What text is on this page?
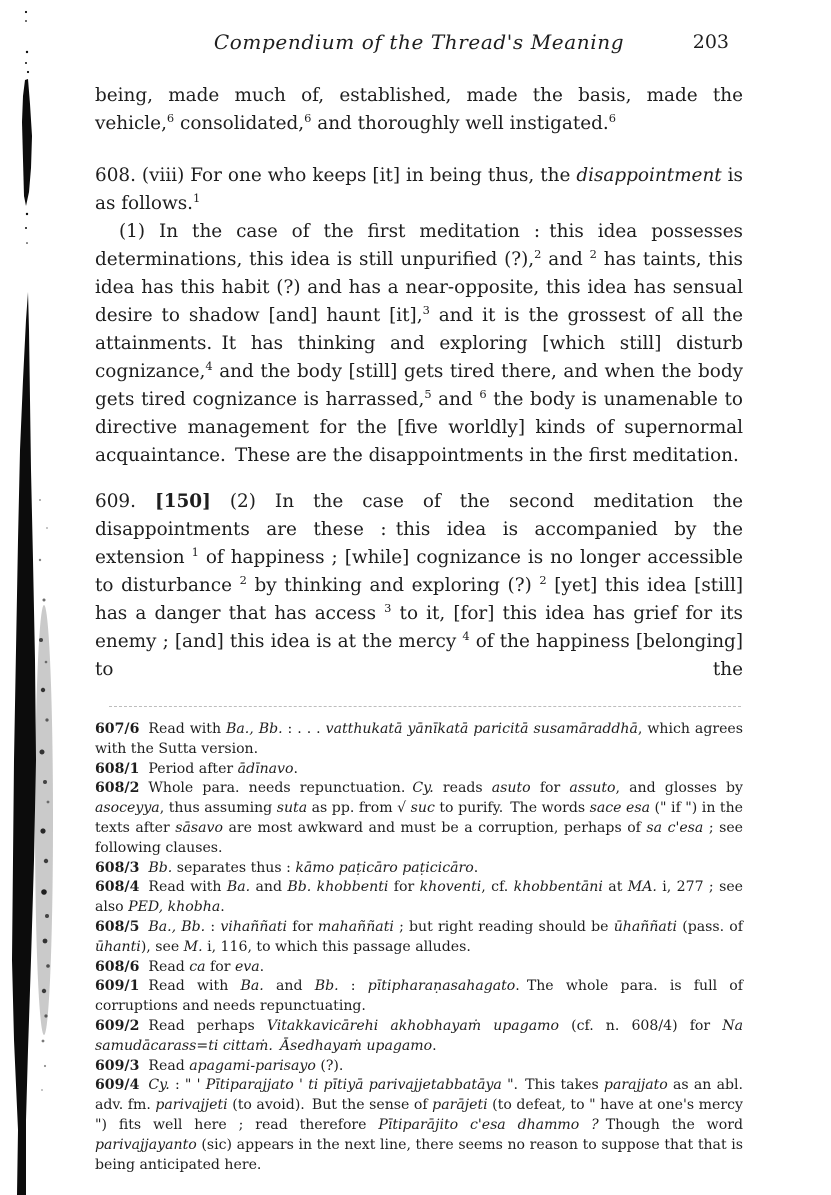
Compendium of the Thread's Meaning	203

being, made much of, established, made the basis, made the vehicle,$^6$ consolidated,$^6$ and thoroughly well instigated.$^6$

608. (viii) For one who keeps [it] in being thus, the disappointment is as follows.$^1$

(1) In the case of the first meditation : this idea possesses determinations, this idea is still unpurified (?),$^2$ and $^2$ has taints, this idea has this habit (?) and has a near-opposite, this idea has sensual desire to shadow [and] haunt [it],$^3$ and it is the grossest of all the attainments. It has thinking and exploring [which still] disturb cognizance,$^4$ and the body [still] gets tired there, and when the body gets tired cognizance is harrassed,$^5$ and $^6$ the body is unamenable to directive management for the [five worldly] kinds of supernormal acquaintance. These are the disappointments in the first meditation.

609. [150] (2) In the case of the second meditation the disappointments are these : this idea is accompanied by the extension $^1$ of happiness ; [while] cognizance is no longer accessible to disturbance $^2$ by thinking and exploring (?) $^2$ [yet] this idea [still] has a danger that has access $^3$ to it, [for] this idea has grief for its enemy ; [and] this idea is at the mercy $^4$ of the happiness [belonging] to the

607/6 Read with Ba., Bb. : . . . vatthukatā yānīkatā paricitā susamāraddhā, which agrees with the Sutta version.

608/1 Period after ādīnavo.

608/2 Whole para. needs repunctuation. Cy. reads asuto for assuto, and glosses by asoceyya, thus assuming suta as pp. from √ suc to purify. The words sace esa (" if ") in the texts after sāsavo are most awkward and must be a corruption, perhaps of sa c'esa ; see following clauses.

608/3 Bb. separates thus : kāmo paṭicāro paṭicicāro.

608/4 Read with Ba. and Bb. khobbenti for khoventi, cf. khobbentāni at MA. i, 277 ; see also PED, khobha.

608/5 Ba., Bb. : vihaññati for mahaññati ; but right reading should be ūhaññati (pass. of ūhanti), see M. i, 116, to which this passage alludes.

608/6 Read ca for eva.

609/1 Read with Ba. and Bb. : pītipharaṇasahagato. The whole para. is full of corruptions and needs repunctuating.

609/2 Read perhaps Vitakkavicārehi akhobhayaṁ upagamo (cf. n. 608/4) for Na samudācarass=ti cittaṁ. Āsedhayaṁ upagamo.

609/3 Read apagami-parisayo (?).

609/4 Cy. : " ' Pītiparajjato ' ti pītiyā parivajjetabbatāya ". This takes parajjato as an abl. adv. fm. parivajjeti (to avoid). But the sense of parājeti (to defeat, to " have at one's mercy ") fits well here ; read therefore Pītiparājito c'esa dhammo ? Though the word parivajjayanto (sic) appears in the next line, there seems no reason to suppose that that is being anticipated here.
